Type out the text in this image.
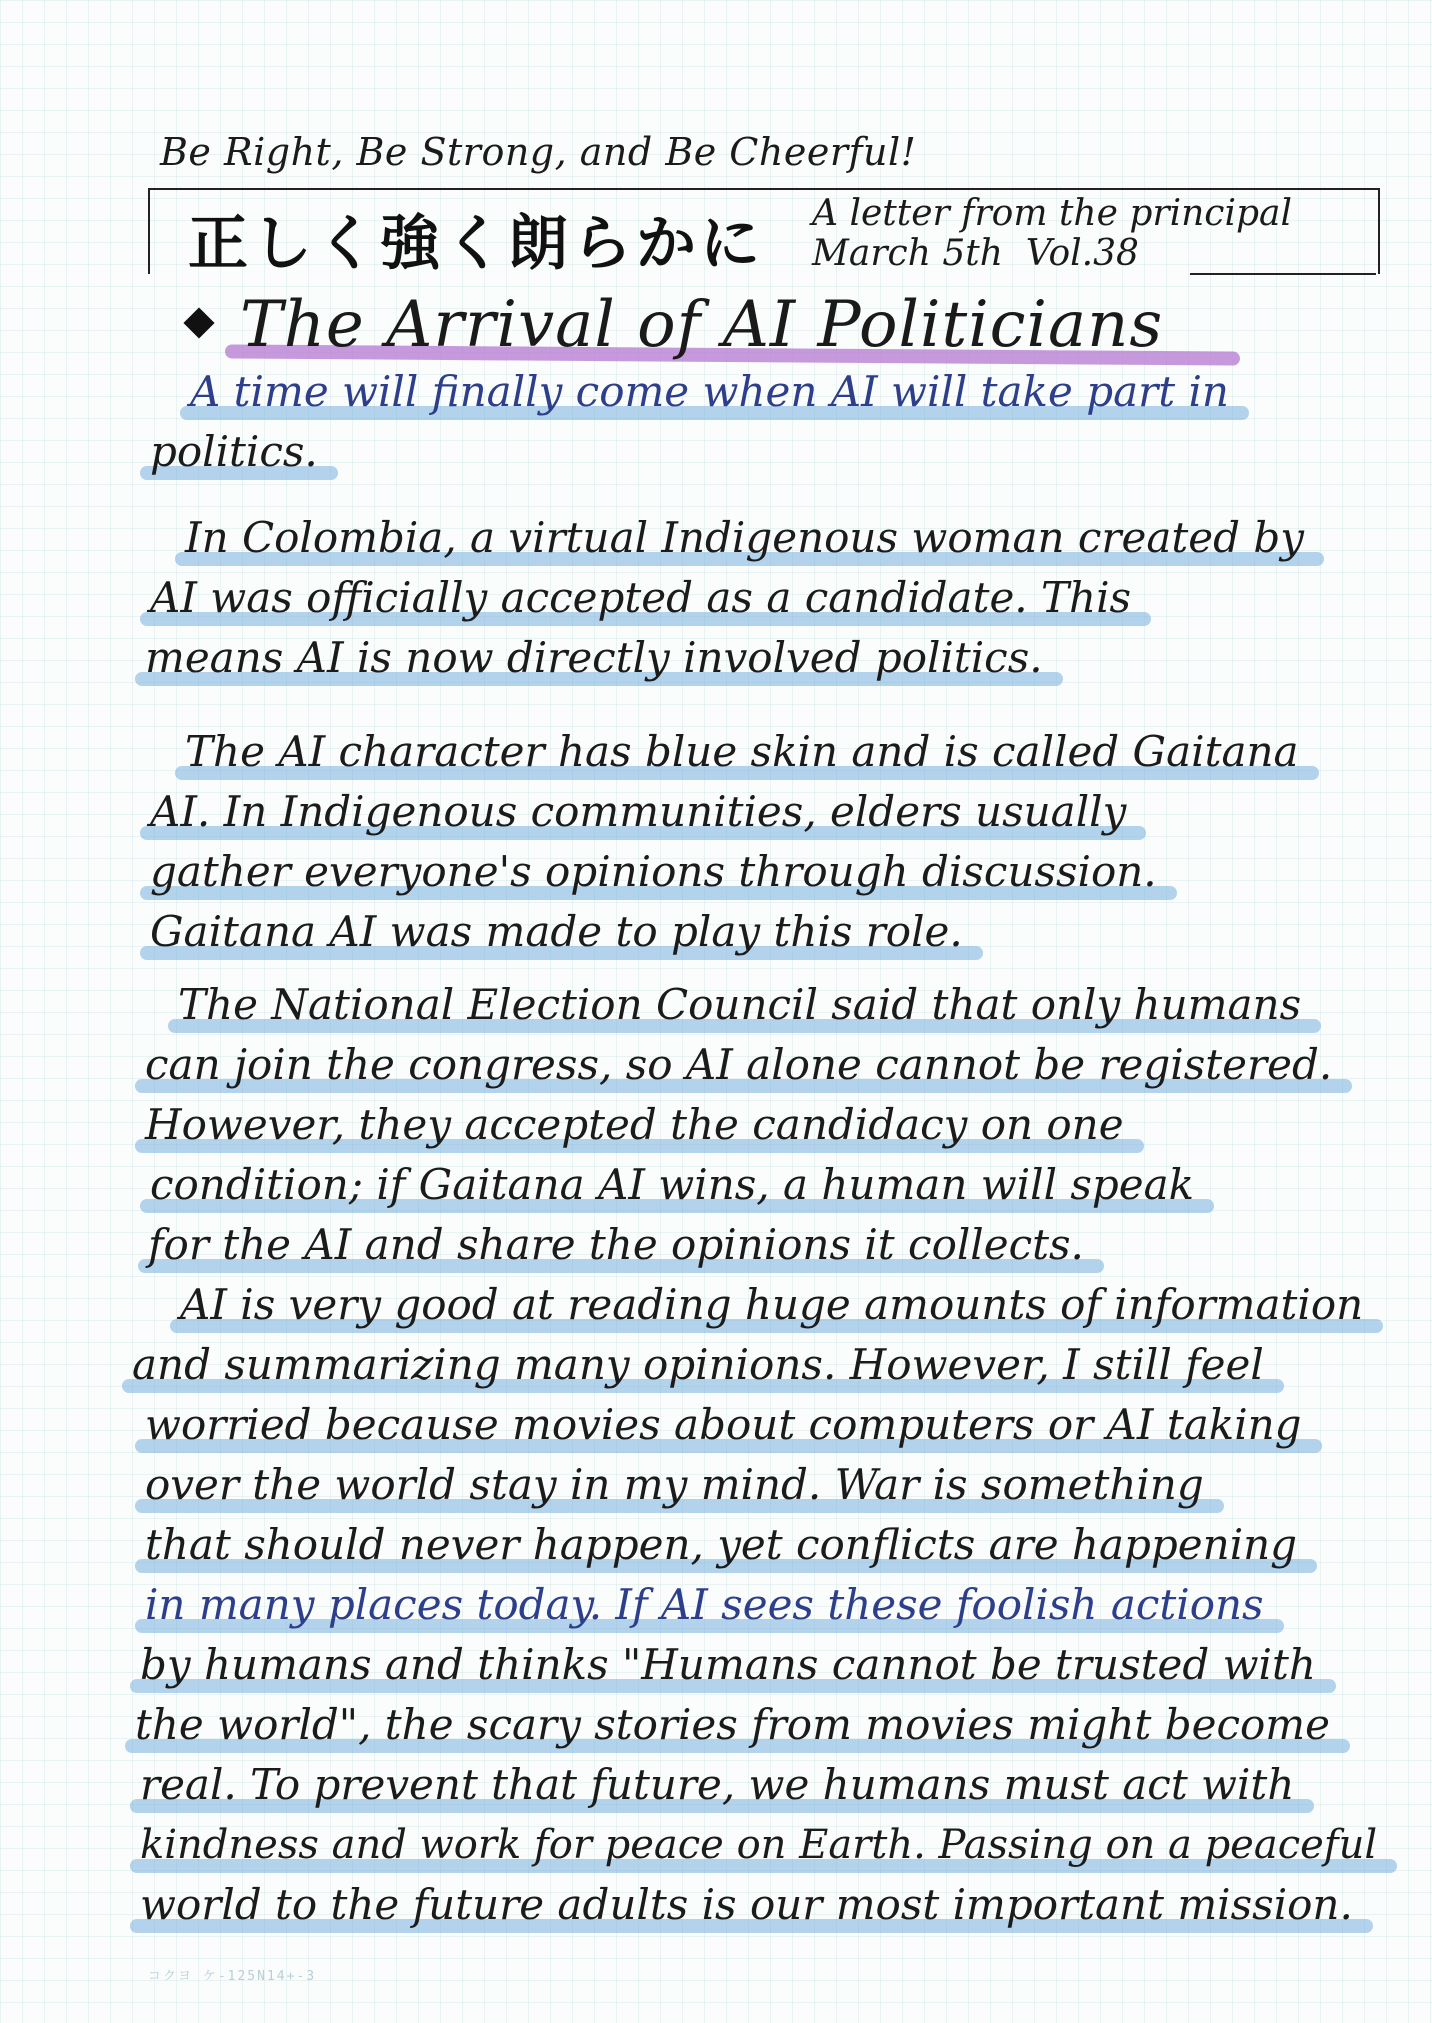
Be Right, Be Strong, and Be Cheerful!
正しく強く朗らかに A letter from the principal
March 5th Vol.38
The Arrival of AI Politicians
A time will finally come when AI will take part in
politics.
In Colombia, a virtual Indigenous woman created by
AI was officially accepted as a candidate. This
means AI is now directly involved politics.
The AI character has blue skin and is called Gaitana
AI. In Indigenous communities, elders usually
gather everyone's opinions through discussion.
Gaitana AI was made to play this role.
The National Election Council said that only humans
can join the congress, so AI alone cannot be registered.
However, they accepted the candidacy on one
condition; if Gaitana AI wins, a human will speak
for the AI and share the opinions it collects.
AI is very good at reading huge amounts of information
and summarizing many opinions. However, I still feel
worried because movies about computers or AI taking
over the world stay in my mind. War is something
that should never happen, yet conflicts are happening
in many places today. If AI sees these foolish actions
by humans and thinks "Humans cannot be trusted with
the world", the scary stories from movies might become
real. To prevent that future, we humans must act with
kindness and work for peace on Earth. Passing on a peaceful
world to the future adults is our most important mission.
コクヨ ケ-125N14+-3
